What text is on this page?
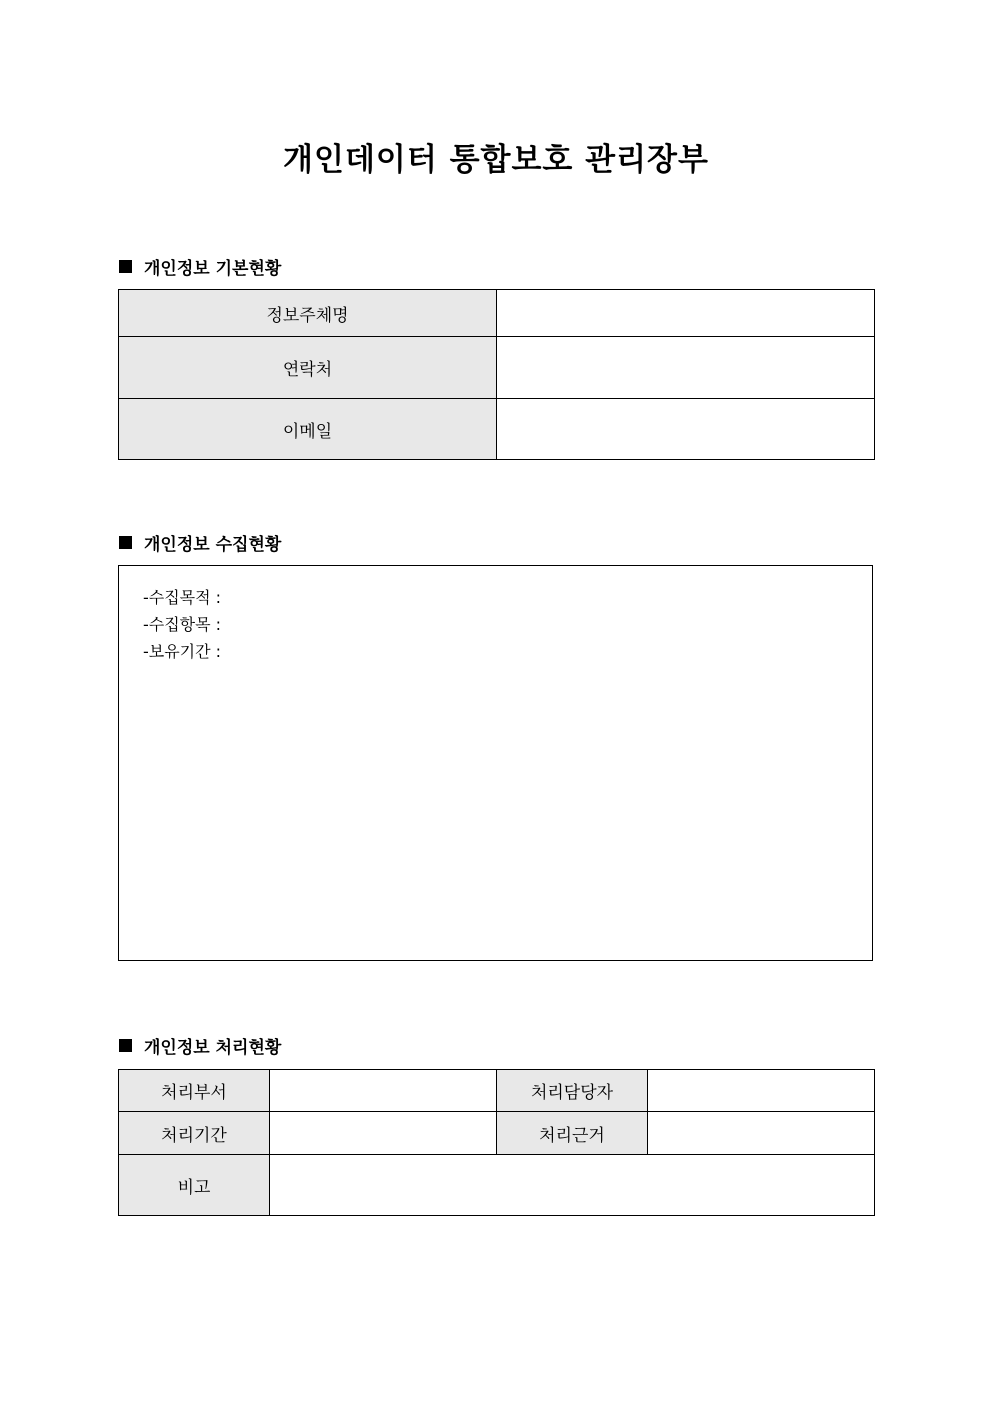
개인데이터 통합보호 관리장부
개인정보 기본현황
정보주체명	
연락처	
이메일	
개인정보 수집현황
-수집목적 :
-수집항목 :
-보유기간 :
개인정보 처리현황
처리부서		처리담당자	
처리기간		처리근거	
비고			
